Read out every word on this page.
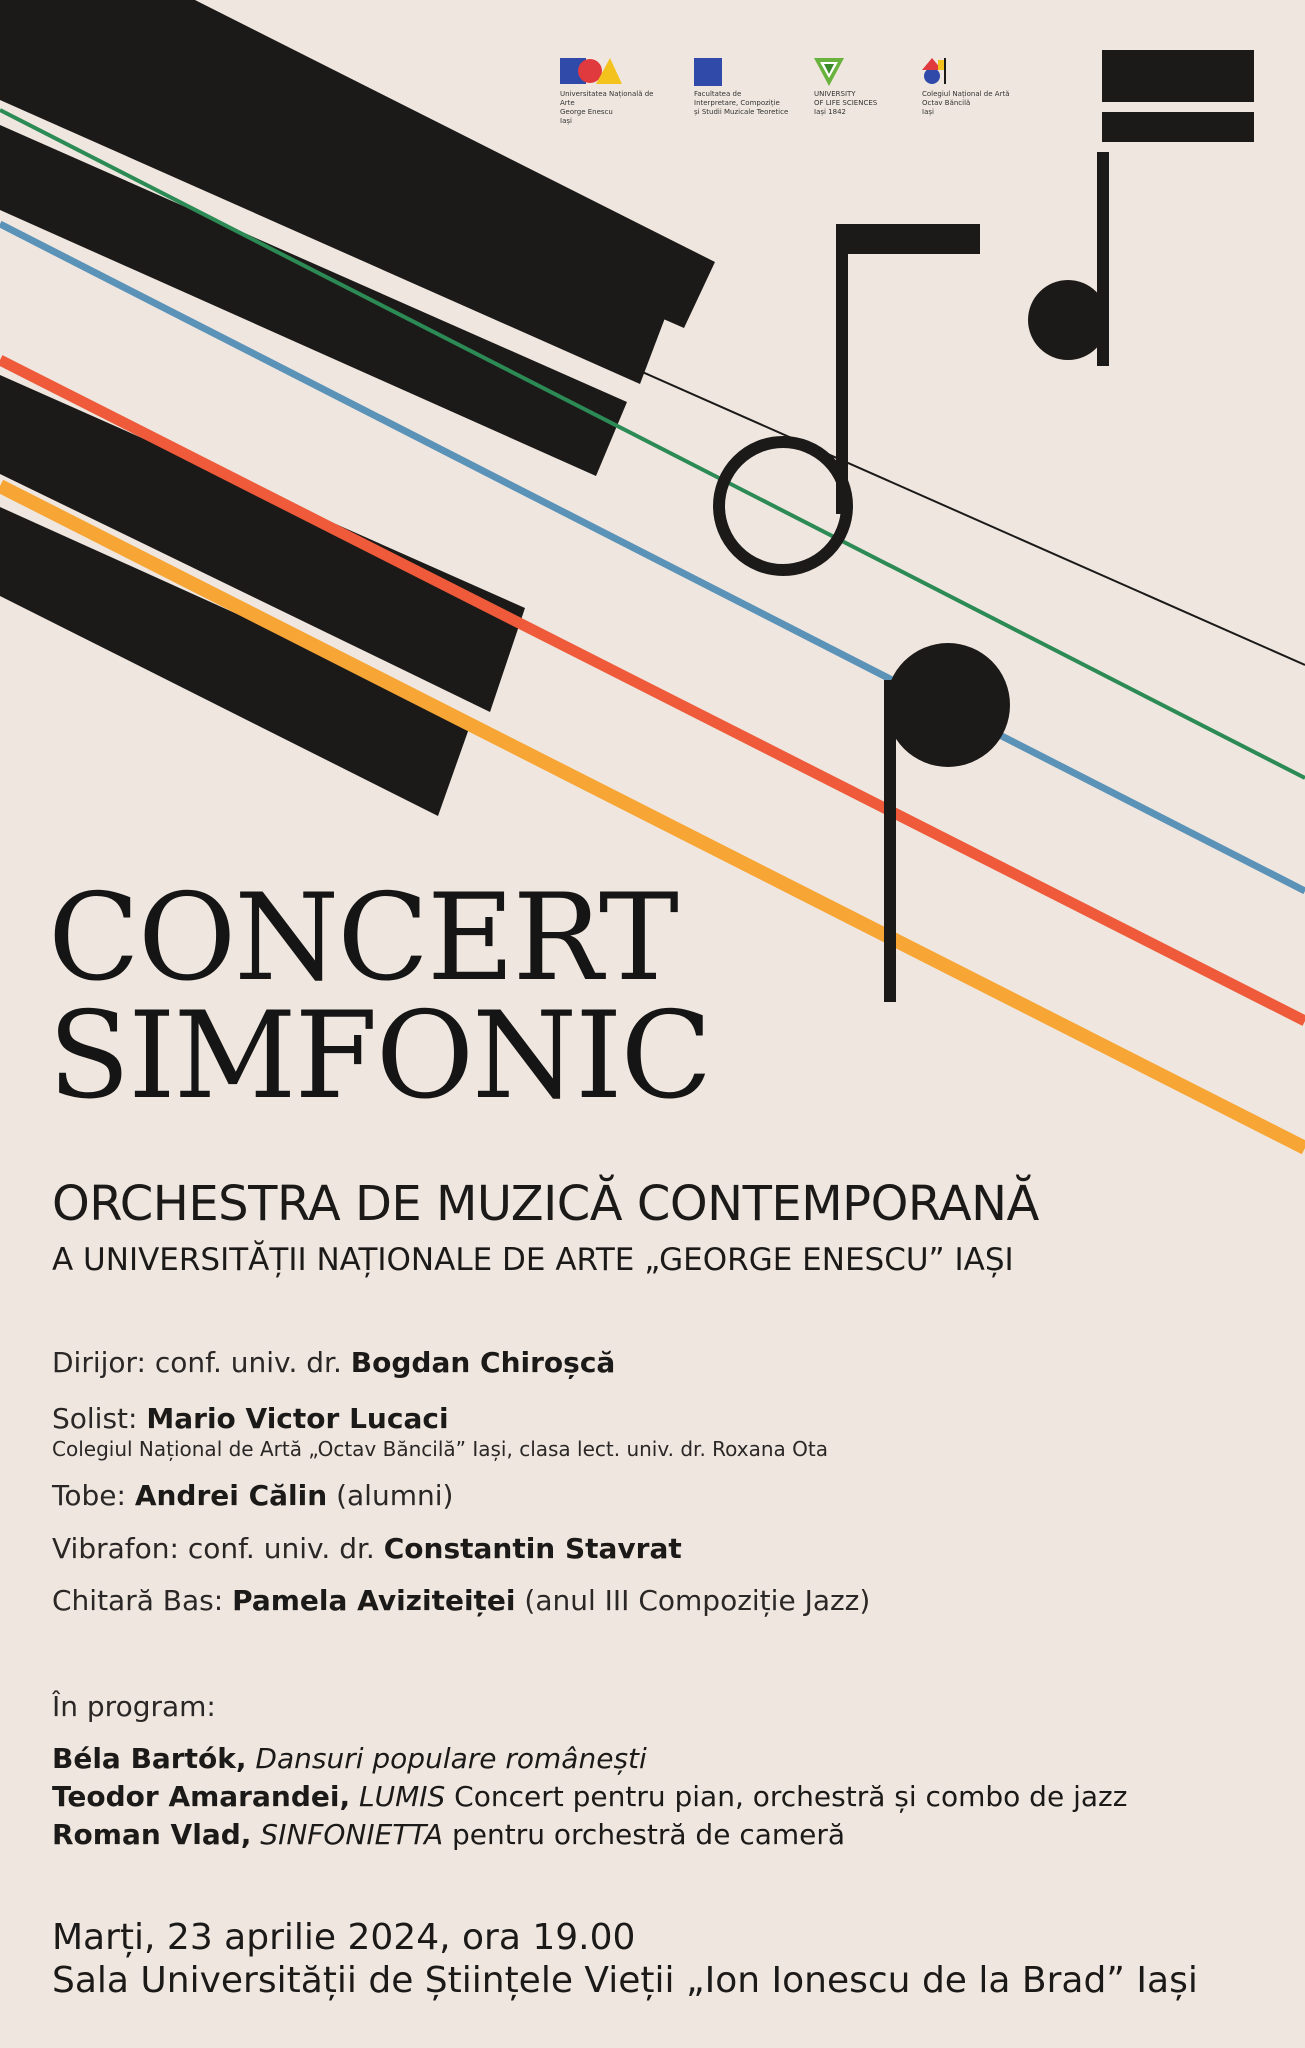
Universitatea Națională de Arte
George Enescu
Iași
Facultatea de
Interpretare, Compoziție
și Studii Muzicale Teoretice
UNIVERSITY
OF LIFE SCIENCES
Iași 1842
Colegiul Național de Artă
Octav Băncilă
Iași
CONCERT
SIMFONIC
ORCHESTRA DE MUZICĂ CONTEMPORANĂ
A UNIVERSITĂȚII NAȚIONALE DE ARTE „GEORGE ENESCU” IAȘI
Dirijor: conf. univ. dr. Bogdan Chiroșcă
Solist: Mario Victor Lucaci
Tobe: Andrei Călin (alumni)
Vibrafon: conf. univ. dr. Constantin Stavrat
Chitară Bas: Pamela Aviziteiței (anul III Compoziție Jazz)
Colegiul Național de Artă „Octav Băncilă” Iași, clasa lect. univ. dr. Roxana Ota
În program:
Béla Bartók, Dansuri populare românești
Teodor Amarandei, LUMIS Concert pentru pian, orchestră și combo de jazz
Roman Vlad, SINFONIETTA pentru orchestră de cameră
Marți, 23 aprilie 2024, ora 19.00
Sala Universității de Științele Vieții „Ion Ionescu de la Brad” Iași
